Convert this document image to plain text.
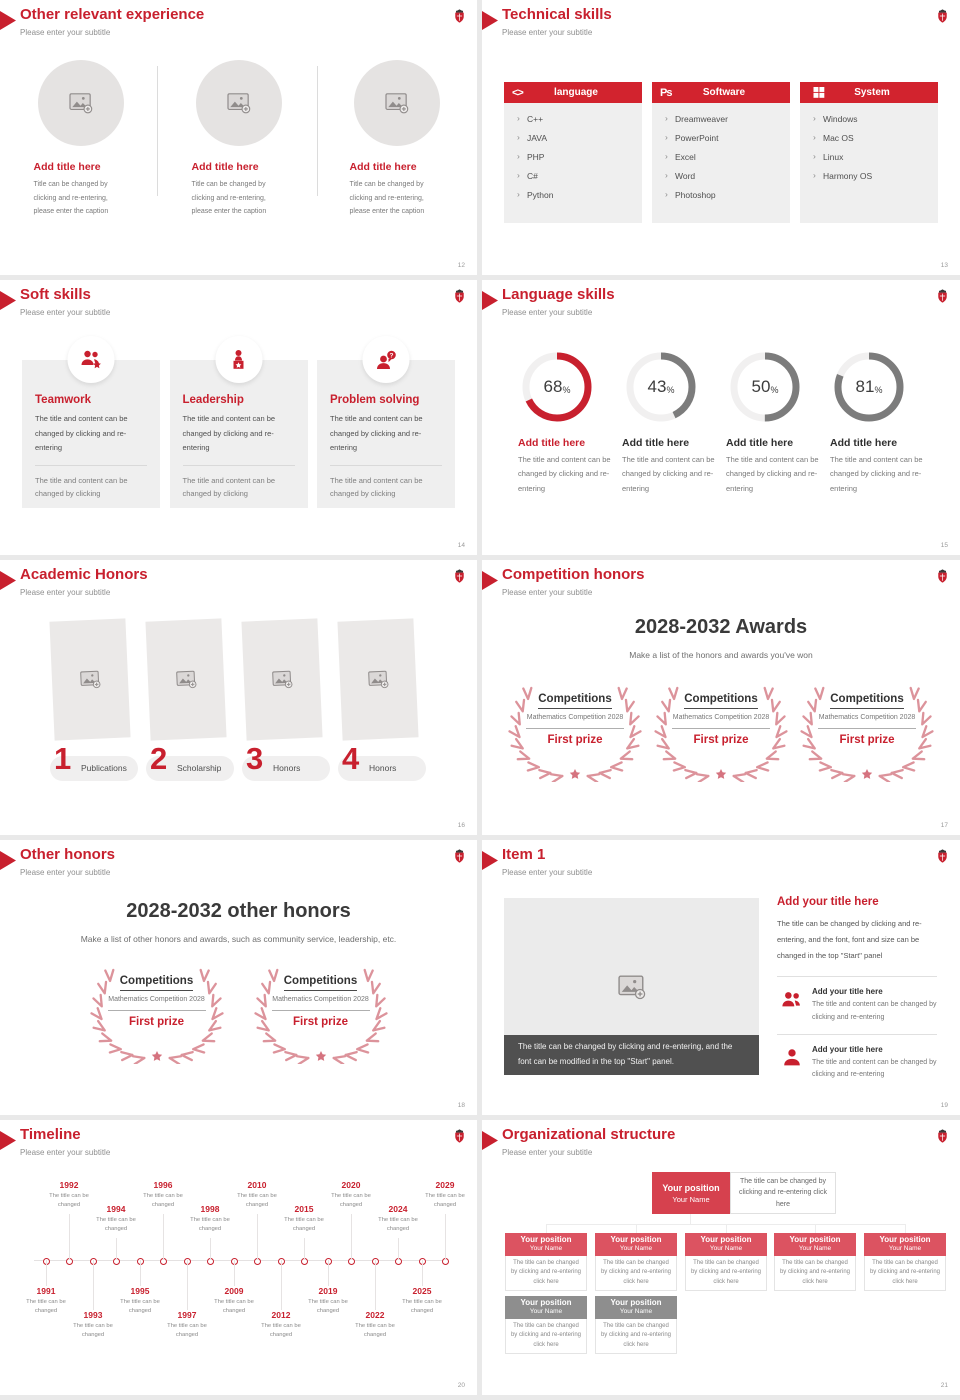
Other relevant experience

Please enter your subtitle

Add title here
Title can be changed by clicking and re-entering, please enter the caption
Add title here
Title can be changed by clicking and re-entering, please enter the caption
Add title here
Title can be changed by clicking and re-entering, please enter the caption
12
Technical skills

Please enter your subtitle

<>	language
› C++
› JAVA
› PHP
› C#
› Python
Ps	Software
› Dreamweaver
› PowerPoint
› Excel
› Word
› Photoshop
System
› Windows
› Mac OS
› Linux
› Harmony OS
13
Soft skills

Please enter your subtitle

Teamwork

The title and content can be changed by clicking and re-entering

The title and content can be changed by clicking

Leadership

The title and content can be changed by clicking and re-entering

The title and content can be changed by clicking

Problem solving

The title and content can be changed by clicking and re-entering

The title and content can be changed by clicking

14
Language skills

Please enter your subtitle

68 %
Add title here
The title and content can be changed by clicking and re-entering
43 %
Add title here
The title and content can be changed by clicking and re-entering
50 %
Add title here
The title and content can be changed by clicking and re-entering
81 %
Add title here
The title and content can be changed by clicking and re-entering
15
Academic Honors

Please enter your subtitle

1 Publications 2 Scholarship 3 Honors	4 Honors
16
Competition honors

Please enter your subtitle

2028-2032 Awards

Make a list of the honors and awards you've won

Competitions
Mathematics Competition 2028
First prize
Competitions
Mathematics Competition 2028
First prize
Competitions
Mathematics Competition 2028
First prize
17
Other honors

Please enter your subtitle

2028-2032 other honors

Make a list of other honors and awards, such as community service, leadership, etc.

Competitions
Mathematics Competition 2028
First prize
Competitions
Mathematics Competition 2028
First prize
18
Item 1

Please enter your subtitle

The title can be changed by clicking and re-entering, and the font can be modified in the top "Start" panel.
Add your title here

The title can be changed by clicking and re-entering, and the font, font and size can be changed in the top "Start" panel

Add your title here
The title and content can be changed by clicking and re-entering
Add your title here
The title and content can be changed by clicking and re-entering
19
Timeline

Please enter your subtitle

1991
The title can be changed
1992
The title can be changed
1993
The title can be changed
1994
The title can be changed
1995
The title can be changed
1996
The title can be changed
1997
The title can be changed
1998
The title can be changed
2009
The title can be changed
2010
The title can be changed
2012
The title can be changed
2015
The title can be changed
2019
The title can be changed
2020
The title can be changed
2022
The title can be changed
2024
The title can be changed
2025
The title can be changed
2029
The title can be changed
20
Organizational structure

Please enter your subtitle

Your position
Your Name
The title can be changed by clicking and re-entering click here
Your position
Your Name
The title can be changed by clicking and re-entering click here
Your position
Your Name
The title can be changed by clicking and re-entering click here
Your position
Your Name
The title can be changed by clicking and re-entering click here
Your position
Your Name
The title can be changed by clicking and re-entering click here
Your position
Your Name
The title can be changed by clicking and re-entering click here
Your position
Your Name
The title can be changed by clicking and re-entering click here
Your position
Your Name
The title can be changed by clicking and re-entering click here
21
